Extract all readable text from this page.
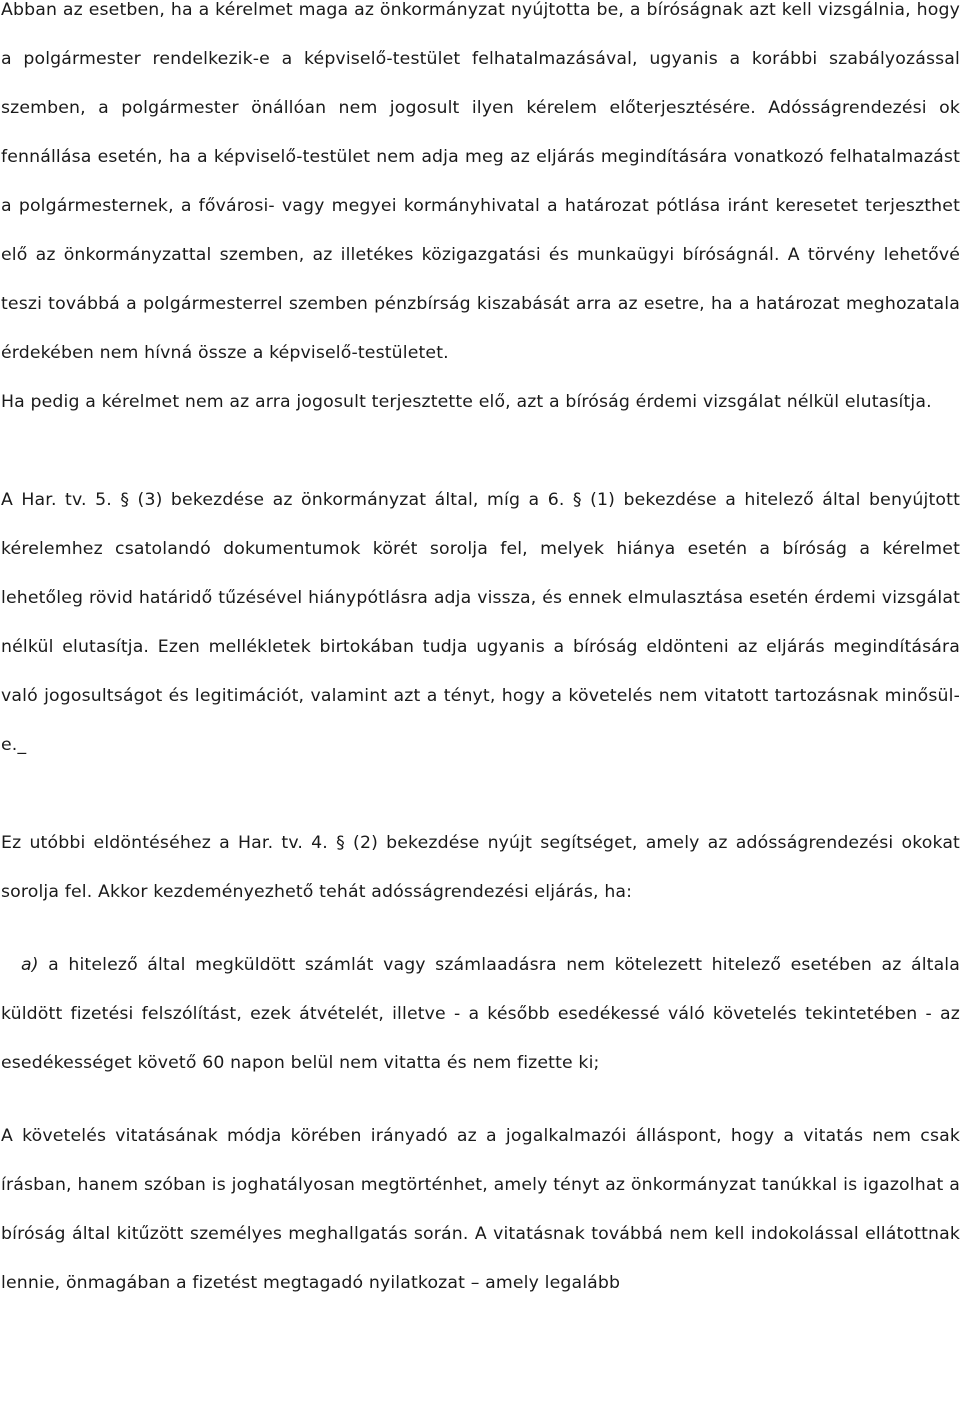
Abban az esetben, ha a kérelmet maga az önkormányzat nyújtotta be, a bíróságnak azt kell vizsgálnia, hogy a polgármester rendelkezik-e a képviselő-testület felhatalmazásával, ugyanis a korábbi szabályozással szemben, a polgármester önállóan nem jogosult ilyen kérelem előterjesztésére. Adósságrendezési ok fennállása esetén, ha a képviselő-testület nem adja meg az eljárás megindítására vonatkozó felhatalmazást a polgármesternek, a fővárosi- vagy megyei kormányhivatal a határozat pótlása iránt keresetet terjeszthet elő az önkormányzattal szemben, az illetékes közigazgatási és munkaügyi bíróságnál. A törvény lehetővé teszi továbbá a polgármesterrel szemben pénzbírság kiszabását arra az esetre, ha a határozat meghozatala érdekében nem hívná össze a képviselő-testületet.

Ha pedig a kérelmet nem az arra jogosult terjesztette elő, azt a bíróság érdemi vizsgálat nélkül elutasítja.

A Har. tv. 5. § (3) bekezdése az önkormányzat által, míg a 6. § (1) bekezdése a hitelező által benyújtott kérelemhez csatolandó dokumentumok körét sorolja fel, melyek hiánya esetén a bíróság a kérelmet lehetőleg rövid határidő tűzésével hiánypótlásra adja vissza, és ennek elmulasztása esetén érdemi vizsgálat nélkül elutasítja. Ezen mellékletek birtokában tudja ugyanis a bíróság eldönteni az eljárás megindítására való jogosultságot és legitimációt, valamint azt a tényt, hogy a követelés nem vitatott tartozásnak minősül-e._

Ez utóbbi eldöntéséhez a Har. tv. 4. § (2) bekezdése nyújt segítséget, amely az adósságrendezési okokat sorolja fel. Akkor kezdeményezhető tehát adósságrendezési eljárás, ha:

a) a hitelező által megküldött számlát vagy számlaadásra nem kötelezett hitelező esetében az általa küldött fizetési felszólítást, ezek átvételét, illetve - a később esedékessé váló követelés tekintetében - az esedékességet követő 60 napon belül nem vitatta és nem fizette ki;

A követelés vitatásának módja körében irányadó az a jogalkalmazói álláspont, hogy a vitatás nem csak írásban, hanem szóban is joghatályosan megtörténhet, amely tényt az önkormányzat tanúkkal is igazolhat a bíróság által kitűzött személyes meghallgatás során. A vitatásnak továbbá nem kell indokolással ellátottnak lennie, önmagában a fizetést megtagadó nyilatkozat – amely legalább
